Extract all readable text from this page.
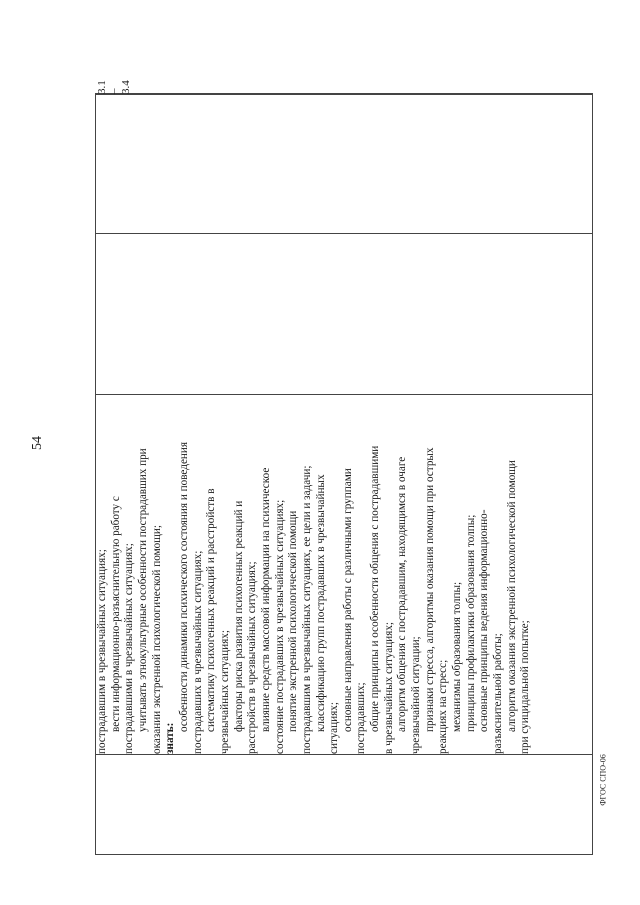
54

пострадавшим в чрезвычайных ситуациях; вести информационно-разъяснительную работу с пострадавшими в чрезвычайных ситуациях; учитывать этнокультурные особенности пострадавших при оказании экстренной психологической помощи; знать:
особенности динамики психического состояния и поведения пострадавших в чрезвычайных ситуациях; систематику психогенных реакций и расстройств в чрезвычайных ситуациях; факторы риска развития психогенных реакций и расстройств в чрезвычайных ситуациях; влияние средств массовой информации на психическое состояние пострадавших в чрезвычайных ситуациях; понятие экстренной психологической помощи пострадавшим в чрезвычайных ситуациях, ее цели и задачи; классификацию групп пострадавших в чрезвычайных ситуациях; основные направления работы с различными группами пострадавших; общие принципы и особенности общения с пострадавшими в чрезвычайных ситуациях; алгоритм общения с пострадавшим, находящимся в очаге чрезвычайной ситуации; признаки стресса, алгоритмы оказания помощи при острых реакциях на стресс; механизмы образования толпы; принципы профилактики образования толпы; основные принципы ведения информационно- разъяснительной работы; алгоритм оказания экстренной психологической помощи при суицидальной попытке;
			3.1 – 3.4
ФГОС СПО-06
